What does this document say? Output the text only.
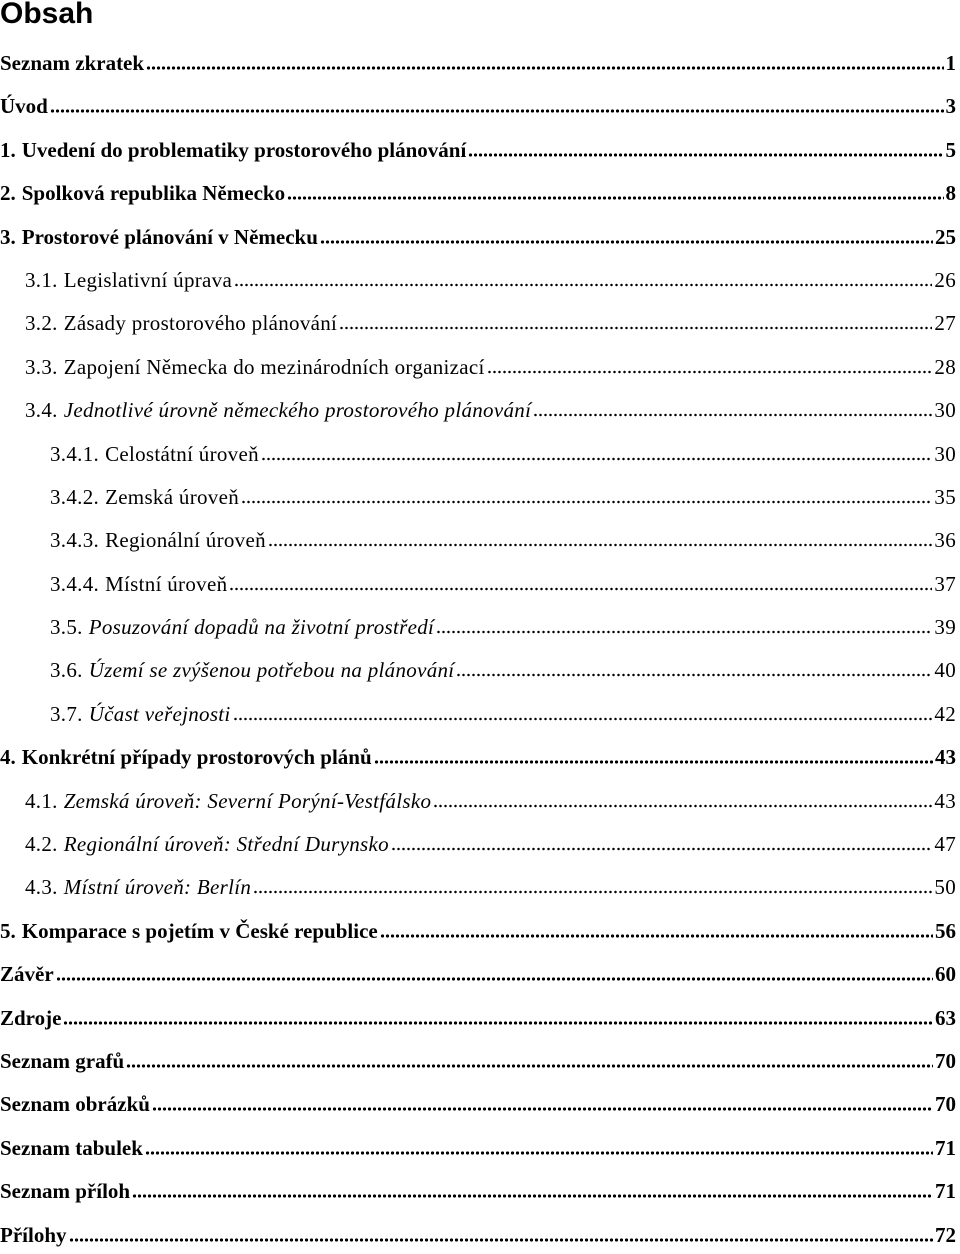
Obsah
Seznam zkratek	1
Úvod	3
1. Uvedení do problematiky prostorového plánování	5
2. Spolková republika Německo	8
3. Prostorové plánování v Německu	25
3.1. Legislativní úprava	26
3.2. Zásady prostorového plánování	27
3.3. Zapojení Německa do mezinárodních organizací	28
3.4. Jednotlivé úrovně německého prostorového plánování	30
3.4.1. Celostátní úroveň	30
3.4.2. Zemská úroveň	35
3.4.3. Regionální úroveň	36
3.4.4. Místní úroveň	37
3.5. Posuzování dopadů na životní prostředí	39
3.6. Území se zvýšenou potřebou na plánování	40
3.7. Účast veřejnosti	42
4. Konkrétní případy prostorových plánů	43
4.1. Zemská úroveň: Severní Porýní-Vestfálsko	43
4.2. Regionální úroveň: Střední Durynsko	47
4.3. Místní úroveň: Berlín	50
5. Komparace s pojetím v České republice	56
Závěr	60
Zdroje	63
Seznam grafů	70
Seznam obrázků	70
Seznam tabulek	71
Seznam příloh	71
Přílohy	72
